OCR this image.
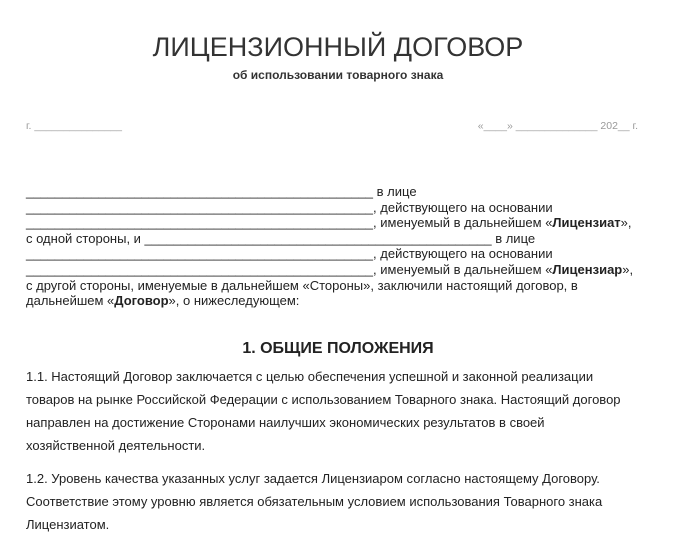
ЛИЦЕНЗИОННЫЙ ДОГОВОР
об использовании товарного знака
г. _______________	«____» ______________ 202__ г.
________________________________________________ в лице
________________________________________________, действующего на основании
________________________________________________, именуемый в дальнейшем «Лицензиат»,
с одной стороны, и ________________________________________________ в лице
________________________________________________, действующего на основании
________________________________________________, именуемый в дальнейшем «Лицензиар»,
с другой стороны, именуемые в дальнейшем «Стороны», заключили настоящий договор, в
дальнейшем «Договор», о нижеследующем:
1. ОБЩИЕ ПОЛОЖЕНИЯ
1.1. Настоящий Договор заключается с целью обеспечения успешной и законной реализации
товаров на рынке Российской Федерации с использованием Товарного знака. Настоящий договор
направлен на достижение Сторонами наилучших экономических результатов в своей
хозяйственной деятельности.
1.2. Уровень качества указанных услуг задается Лицензиаром согласно настоящему Договору.
Соответствие этому уровню является обязательным условием использования Товарного знака
Лицензиатом.
